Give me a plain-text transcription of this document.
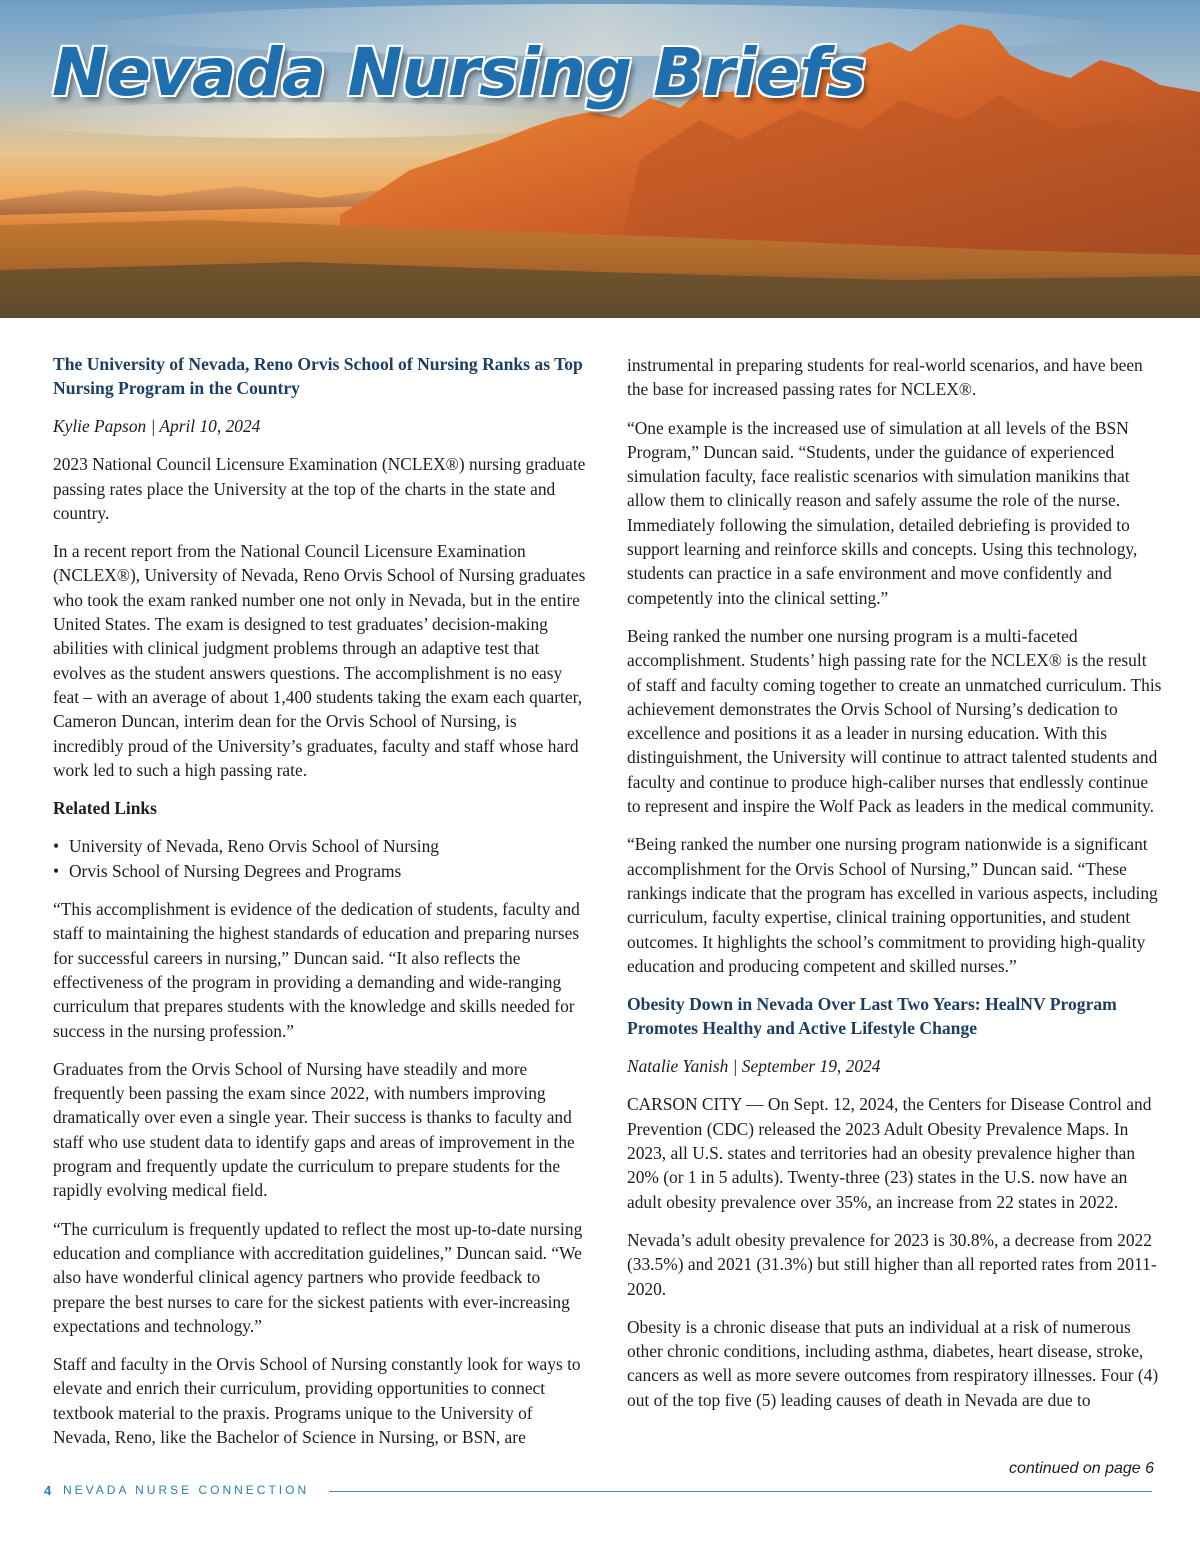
Nevada Nursing Briefs

The University of Nevada, Reno Orvis School of Nursing Ranks as Top Nursing Program in the Country

Kylie Papson | April 10, 2024

2023 National Council Licensure Examination (NCLEX®) nursing graduate passing rates place the University at the top of the charts in the state and country.

In a recent report from the National Council Licensure Examination (NCLEX®), University of Nevada, Reno Orvis School of Nursing graduates who took the exam ranked number one not only in Nevada, but in the entire United States. The exam is designed to test graduates’ decision-making abilities with clinical judgment problems through an adaptive test that evolves as the student answers questions. The accomplishment is no easy feat – with an average of about 1,400 students taking the exam each quarter, Cameron Duncan, interim dean for the Orvis School of Nursing, is incredibly proud of the University’s graduates, faculty and staff whose hard work led to such a high passing rate.

Related Links

• University of Nevada, Reno Orvis School of Nursing
• Orvis School of Nursing Degrees and Programs

“This accomplishment is evidence of the dedication of students, faculty and staff to maintaining the highest standards of education and preparing nurses for successful careers in nursing,” Duncan said. “It also reflects the effectiveness of the program in providing a demanding and wide-ranging curriculum that prepares students with the knowledge and skills needed for success in the nursing profession.”

Graduates from the Orvis School of Nursing have steadily and more frequently been passing the exam since 2022, with numbers improving dramatically over even a single year. Their success is thanks to faculty and staff who use student data to identify gaps and areas of improvement in the program and frequently update the curriculum to prepare students for the rapidly evolving medical field.

“The curriculum is frequently updated to reflect the most up-to-date nursing education and compliance with accreditation guidelines,” Duncan said. “We also have wonderful clinical agency partners who provide feedback to prepare the best nurses to care for the sickest patients with ever-increasing expectations and technology.”

Staff and faculty in the Orvis School of Nursing constantly look for ways to elevate and enrich their curriculum, providing opportunities to connect textbook material to the praxis. Programs unique to the University of Nevada, Reno, like the Bachelor of Science in Nursing, or BSN, are

instrumental in preparing students for real-world scenarios, and have been the base for increased passing rates for NCLEX®.

“One example is the increased use of simulation at all levels of the BSN Program,” Duncan said. “Students, under the guidance of experienced simulation faculty, face realistic scenarios with simulation manikins that allow them to clinically reason and safely assume the role of the nurse. Immediately following the simulation, detailed debriefing is provided to support learning and reinforce skills and concepts. Using this technology, students can practice in a safe environment and move confidently and competently into the clinical setting.”

Being ranked the number one nursing program is a multi-faceted accomplishment. Students’ high passing rate for the NCLEX® is the result of staff and faculty coming together to create an unmatched curriculum. This achievement demonstrates the Orvis School of Nursing’s dedication to excellence and positions it as a leader in nursing education. With this distinguishment, the University will continue to attract talented students and faculty and continue to produce high-caliber nurses that endlessly continue to represent and inspire the Wolf Pack as leaders in the medical community.

“Being ranked the number one nursing program nationwide is a significant accomplishment for the Orvis School of Nursing,” Duncan said. “These rankings indicate that the program has excelled in various aspects, including curriculum, faculty expertise, clinical training opportunities, and student outcomes. It highlights the school’s commitment to providing high-quality education and producing competent and skilled nurses.”

Obesity Down in Nevada Over Last Two Years: HealNV Program Promotes Healthy and Active Lifestyle Change

Natalie Yanish | September 19, 2024

CARSON CITY — On Sept. 12, 2024, the Centers for Disease Control and Prevention (CDC) released the 2023 Adult Obesity Prevalence Maps. In 2023, all U.S. states and territories had an obesity prevalence higher than 20% (or 1 in 5 adults). Twenty-three (23) states in the U.S. now have an adult obesity prevalence over 35%, an increase from 22 states in 2022.

Nevada’s adult obesity prevalence for 2023 is 30.8%, a decrease from 2022 (33.5%) and 2021 (31.3%) but still higher than all reported rates from 2011-2020.

Obesity is a chronic disease that puts an individual at a risk of numerous other chronic conditions, including asthma, diabetes, heart disease, stroke, cancers as well as more severe outcomes from respiratory illnesses. Four (4) out of the top five (5) leading causes of death in Nevada are due to

continued on page 6
4 NEVADA NURSE CONNECTION
